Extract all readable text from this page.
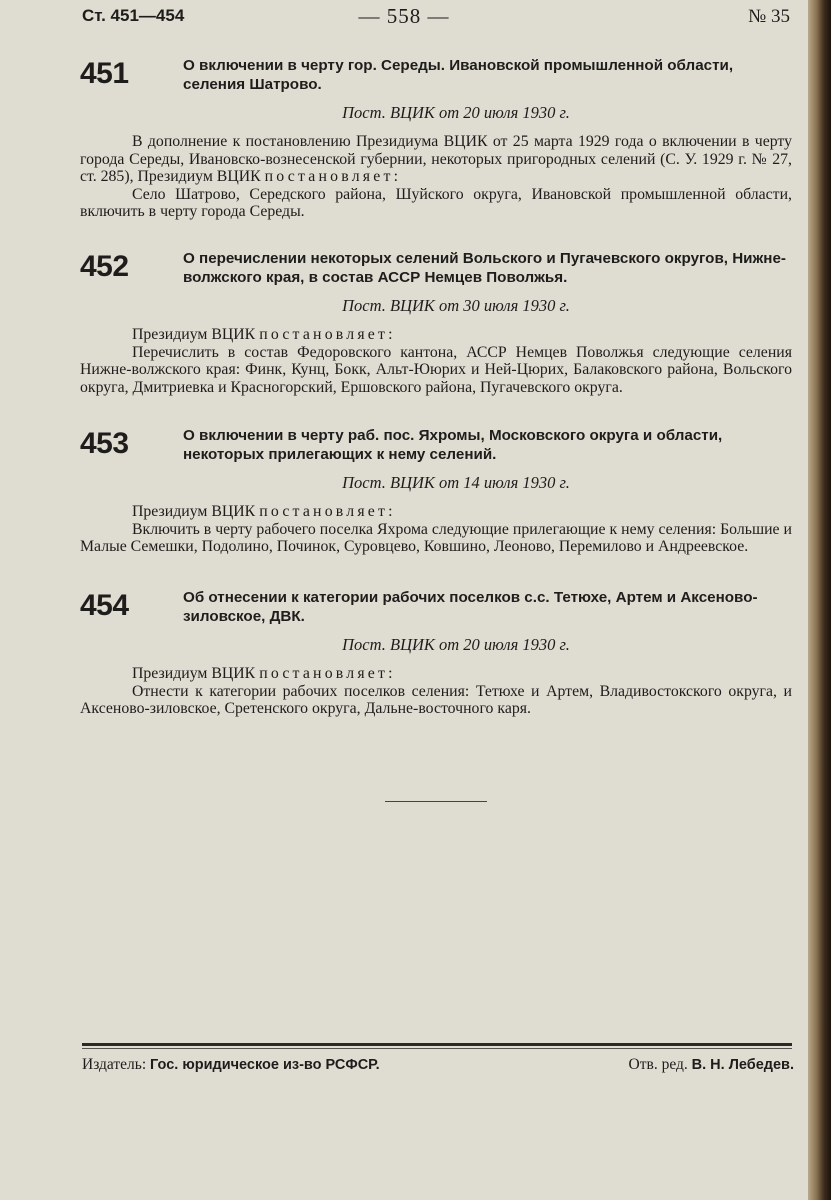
Ст. 451—454	— 558 —	№ 35
451	О включении в черту гор. Середы. Ивановской промышленной области, селения Шатрово.
Пост. ВЦИК от 20 июля 1930 г.

В дополнение к постановлению Президиума ВЦИК от 25 марта 1929 года о включении в черту города Середы, Ивановско-вознесенской губернии, некоторых пригородных селений (С. У. 1929 г. № 27, ст. 285), Президиум ВЦИК постановляет:

Село Шатрово, Середского района, Шуйского округа, Ивановской промышленной области, включить в черту города Середы.

452	О перечислении некоторых селений Вольского и Пугачевского округов, Нижне-волжского края, в состав АССР Немцев Поволжья.
Пост. ВЦИК от 30 июля 1930 г.

Президиум ВЦИК постановляет:

Перечислить в состав Федоровского кантона, АССР Немцев Поволжья следующие селения Нижне-волжского края: Финк, Кунц, Бокк, Альт-Ююрих и Ней-Цюрих, Балаковского района, Вольского округа, Дмитриевка и Красногорский, Ершовского района, Пугачевского округа.

453	О включении в черту раб. пос. Яхромы, Московского округа и области, некоторых прилегающих к нему селений.
Пост. ВЦИК от 14 июля 1930 г.

Президиум ВЦИК постановляет:

Включить в черту рабочего поселка Яхрома следующие прилегающие к нему селения: Большие и Малые Семешки, Подолино, Починок, Суровцево, Ковшино, Леоново, Перемилово и Андреевское.

454	Об отнесении к категории рабочих поселков с.с. Тетюхе, Артем и Аксеново-зиловское, ДВК.
Пост. ВЦИК от 20 июля 1930 г.

Президиум ВЦИК постановляет:

Отнести к категории рабочих поселков селения: Тетюхе и Артем, Владивостокского округа, и Аксеново-зиловское, Сретенского округа, Дальне-восточного каря.

Издатель: Гос. юридическое из-во РСФСР.	Отв. ред. В. Н. Лебедев.
